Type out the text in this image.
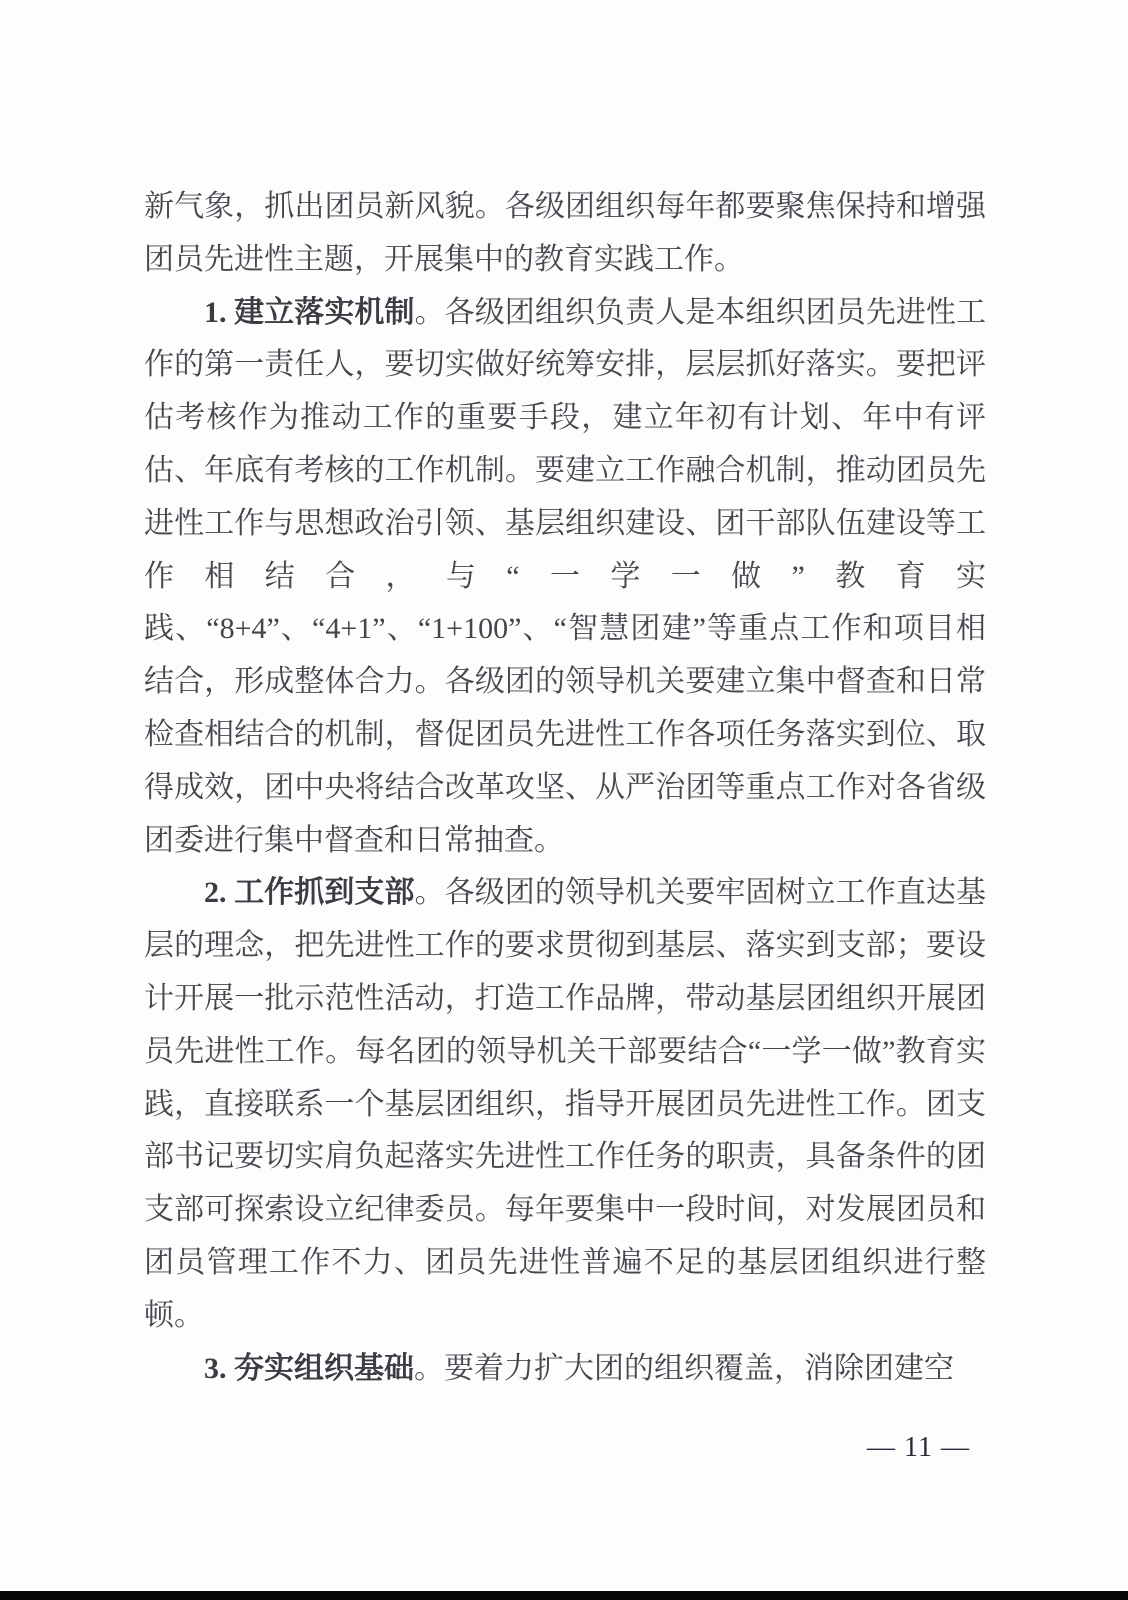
新气象，抓出团员新风貌。各级团组织每年都要聚焦保持和增强团员先进性主题，开展集中的教育实践工作。

1. 建立落实机制。各级团组织负责人是本组织团员先进性工作的第一责任人，要切实做好统筹安排，层层抓好落实。要把评估考核作为推动工作的重要手段，建立年初有计划、年中有评估、年底有考核的工作机制。要建立工作融合机制，推动团员先进性工作与思想政治引领、基层组织建设、团干部队伍建设等工作相结合，与“一学一做”教育实践、“8+4”、“4+1”、“1+100”、“智慧团建”等重点工作和项目相结合，形成整体合力。各级团的领导机关要建立集中督查和日常检查相结合的机制，督促团员先进性工作各项任务落实到位、取得成效，团中央将结合改革攻坚、从严治团等重点工作对各省级团委进行集中督查和日常抽查。

2. 工作抓到支部。各级团的领导机关要牢固树立工作直达基层的理念，把先进性工作的要求贯彻到基层、落实到支部；要设计开展一批示范性活动，打造工作品牌，带动基层团组织开展团员先进性工作。每名团的领导机关干部要结合“一学一做”教育实践，直接联系一个基层团组织，指导开展团员先进性工作。团支部书记要切实肩负起落实先进性工作任务的职责，具备条件的团支部可探索设立纪律委员。每年要集中一段时间，对发展团员和团员管理工作不力、团员先进性普遍不足的基层团组织进行整顿。

3. 夯实组织基础。要着力扩大团的组织覆盖，消除团建空

— 11 —
